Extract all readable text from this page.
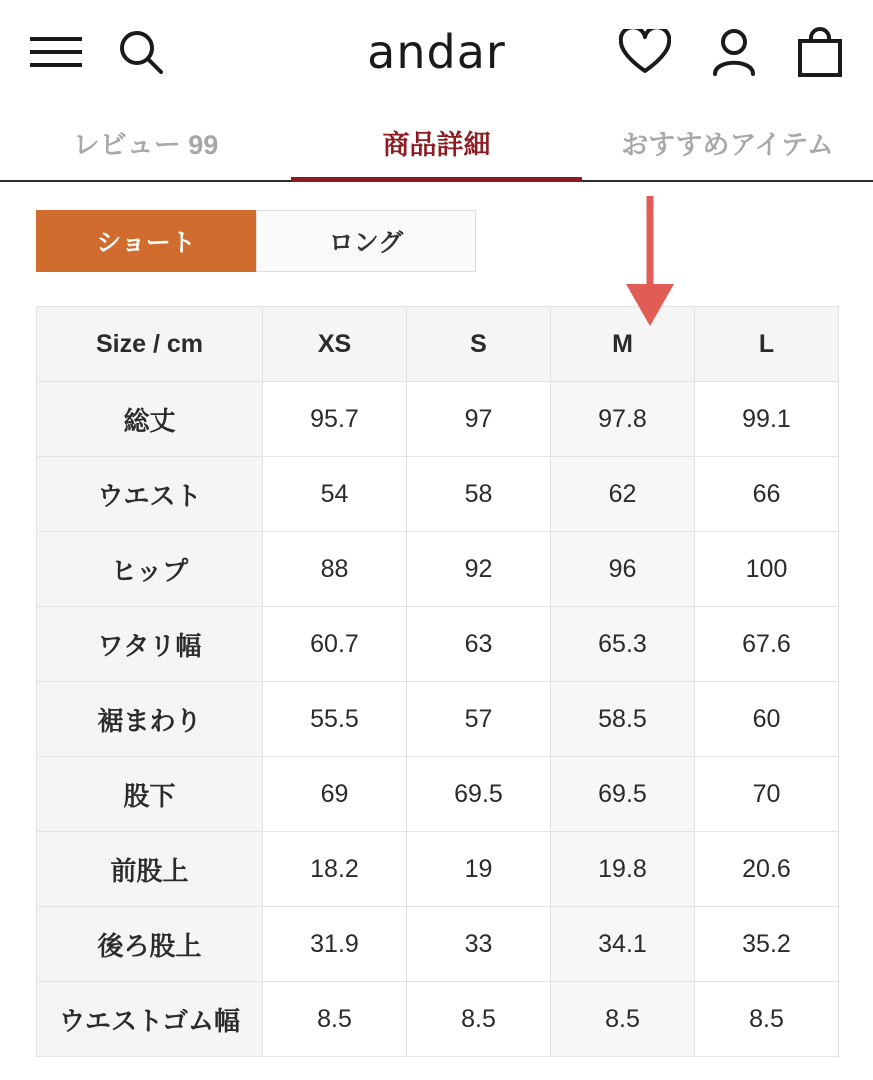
andar
レビュー 99	商品詳細	おすすめアイテム
ショート	ロング
Size / cm	XS	S	M	L
総丈	95.7	97	97.8	99.1
ウエスト	54	58	62	66
ヒップ	88	92	96	100
ワタリ幅	60.7	63	65.3	67.6
裾まわり	55.5	57	58.5	60
股下	69	69.5	69.5	70
前股上	18.2	19	19.8	20.6
後ろ股上	31.9	33	34.1	35.2
ウエストゴム幅	8.5	8.5	8.5	8.5
